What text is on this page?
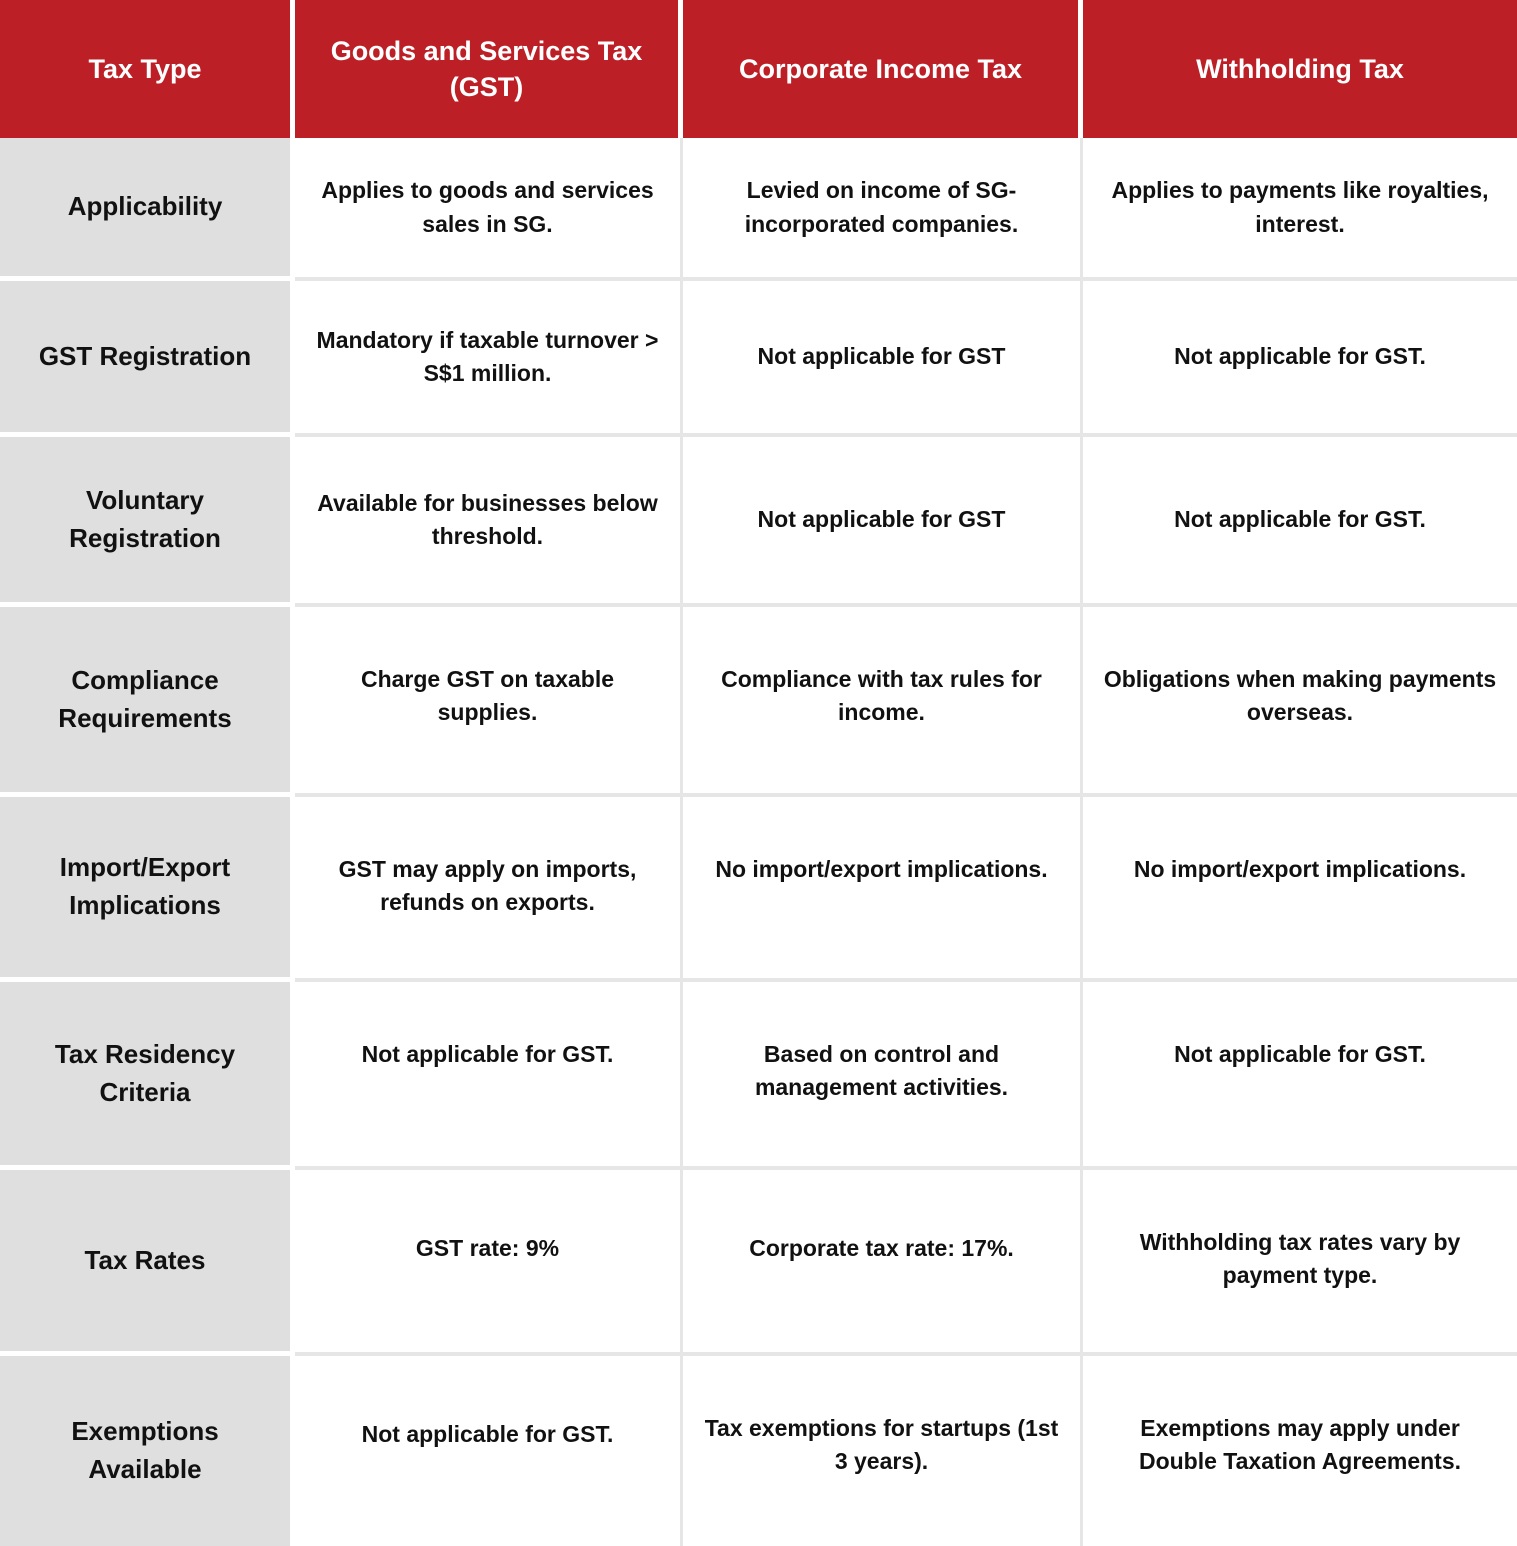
Tax Type	Goods and Services Tax (GST)	Corporate Income Tax	Withholding Tax
Applicability	Applies to goods and services sales in SG.	Levied on income of SG-incorporated companies.	Applies to payments like royalties, interest.
GST Registration	Mandatory if taxable turnover > S$1 million.	Not applicable for GST	Not applicable for GST.
Voluntary Registration	Available for businesses below threshold.	Not applicable for GST	Not applicable for GST.
Compliance Requirements	Charge GST on taxable supplies.	Compliance with tax rules for income.	Obligations when making payments overseas.
Import/Export Implications	GST may apply on imports, refunds on exports.	No import/export implications.	No import/export implications.
Tax Residency Criteria	Not applicable for GST.	Based on control and management activities.	Not applicable for GST.
Tax Rates	GST rate: 9%	Corporate tax rate: 17%.	Withholding tax rates vary by payment type.
Exemptions Available	Not applicable for GST.	Tax exemptions for startups (1st 3 years).	Exemptions may apply under Double Taxation Agreements.
